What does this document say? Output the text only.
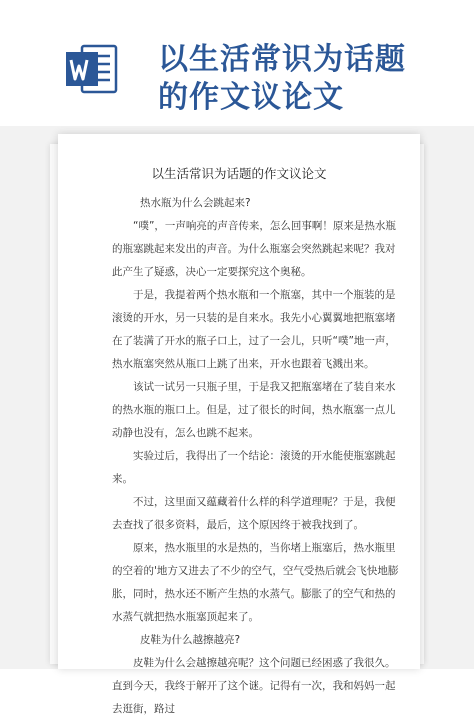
以生活常识为话题
的作文议论文
以生活常识为话题的作文议论文

热水瓶为什么会跳起来?

“噗”，一声响亮的声音传来，怎么回事啊！原来是热水瓶的瓶塞跳起来发出的声音。为什么瓶塞会突然跳起来呢？我对此产生了疑惑，决心一定要探究这个奥秘。

于是，我提着两个热水瓶和一个瓶塞，其中一个瓶装的是滚烫的开水，另一只装的是自来水。我先小心翼翼地把瓶塞堵在了装满了开水的瓶子口上，过了一会儿，只听“噗”地一声，热水瓶塞突然从瓶口上跳了出来，开水也跟着飞溅出来。

该试一试另一只瓶子里，于是我又把瓶塞堵在了装自来水的热水瓶的瓶口上。但是，过了很长的时间，热水瓶塞一点儿动静也没有，怎么也跳不起来。

实验过后，我得出了一个结论：滚烫的开水能使瓶塞跳起来。

不过，这里面又蕴藏着什么样的科学道理呢？于是，我便去查找了很多资料，最后，这个原因终于被我找到了。

原来，热水瓶里的水是热的，当你堵上瓶塞后，热水瓶里的空着的'地方又进去了不少的空气，空气受热后就会飞快地膨胀，同时，热水还不断产生热的水蒸气。膨胀了的空气和热的水蒸气就把热水瓶塞顶起来了。

皮鞋为什么越擦越亮?

皮鞋为什么会越擦越亮呢？这个问题已经困惑了我很久。直到今天，我终于解开了这个谜。记得有一次，我和妈妈一起去逛街，路过
